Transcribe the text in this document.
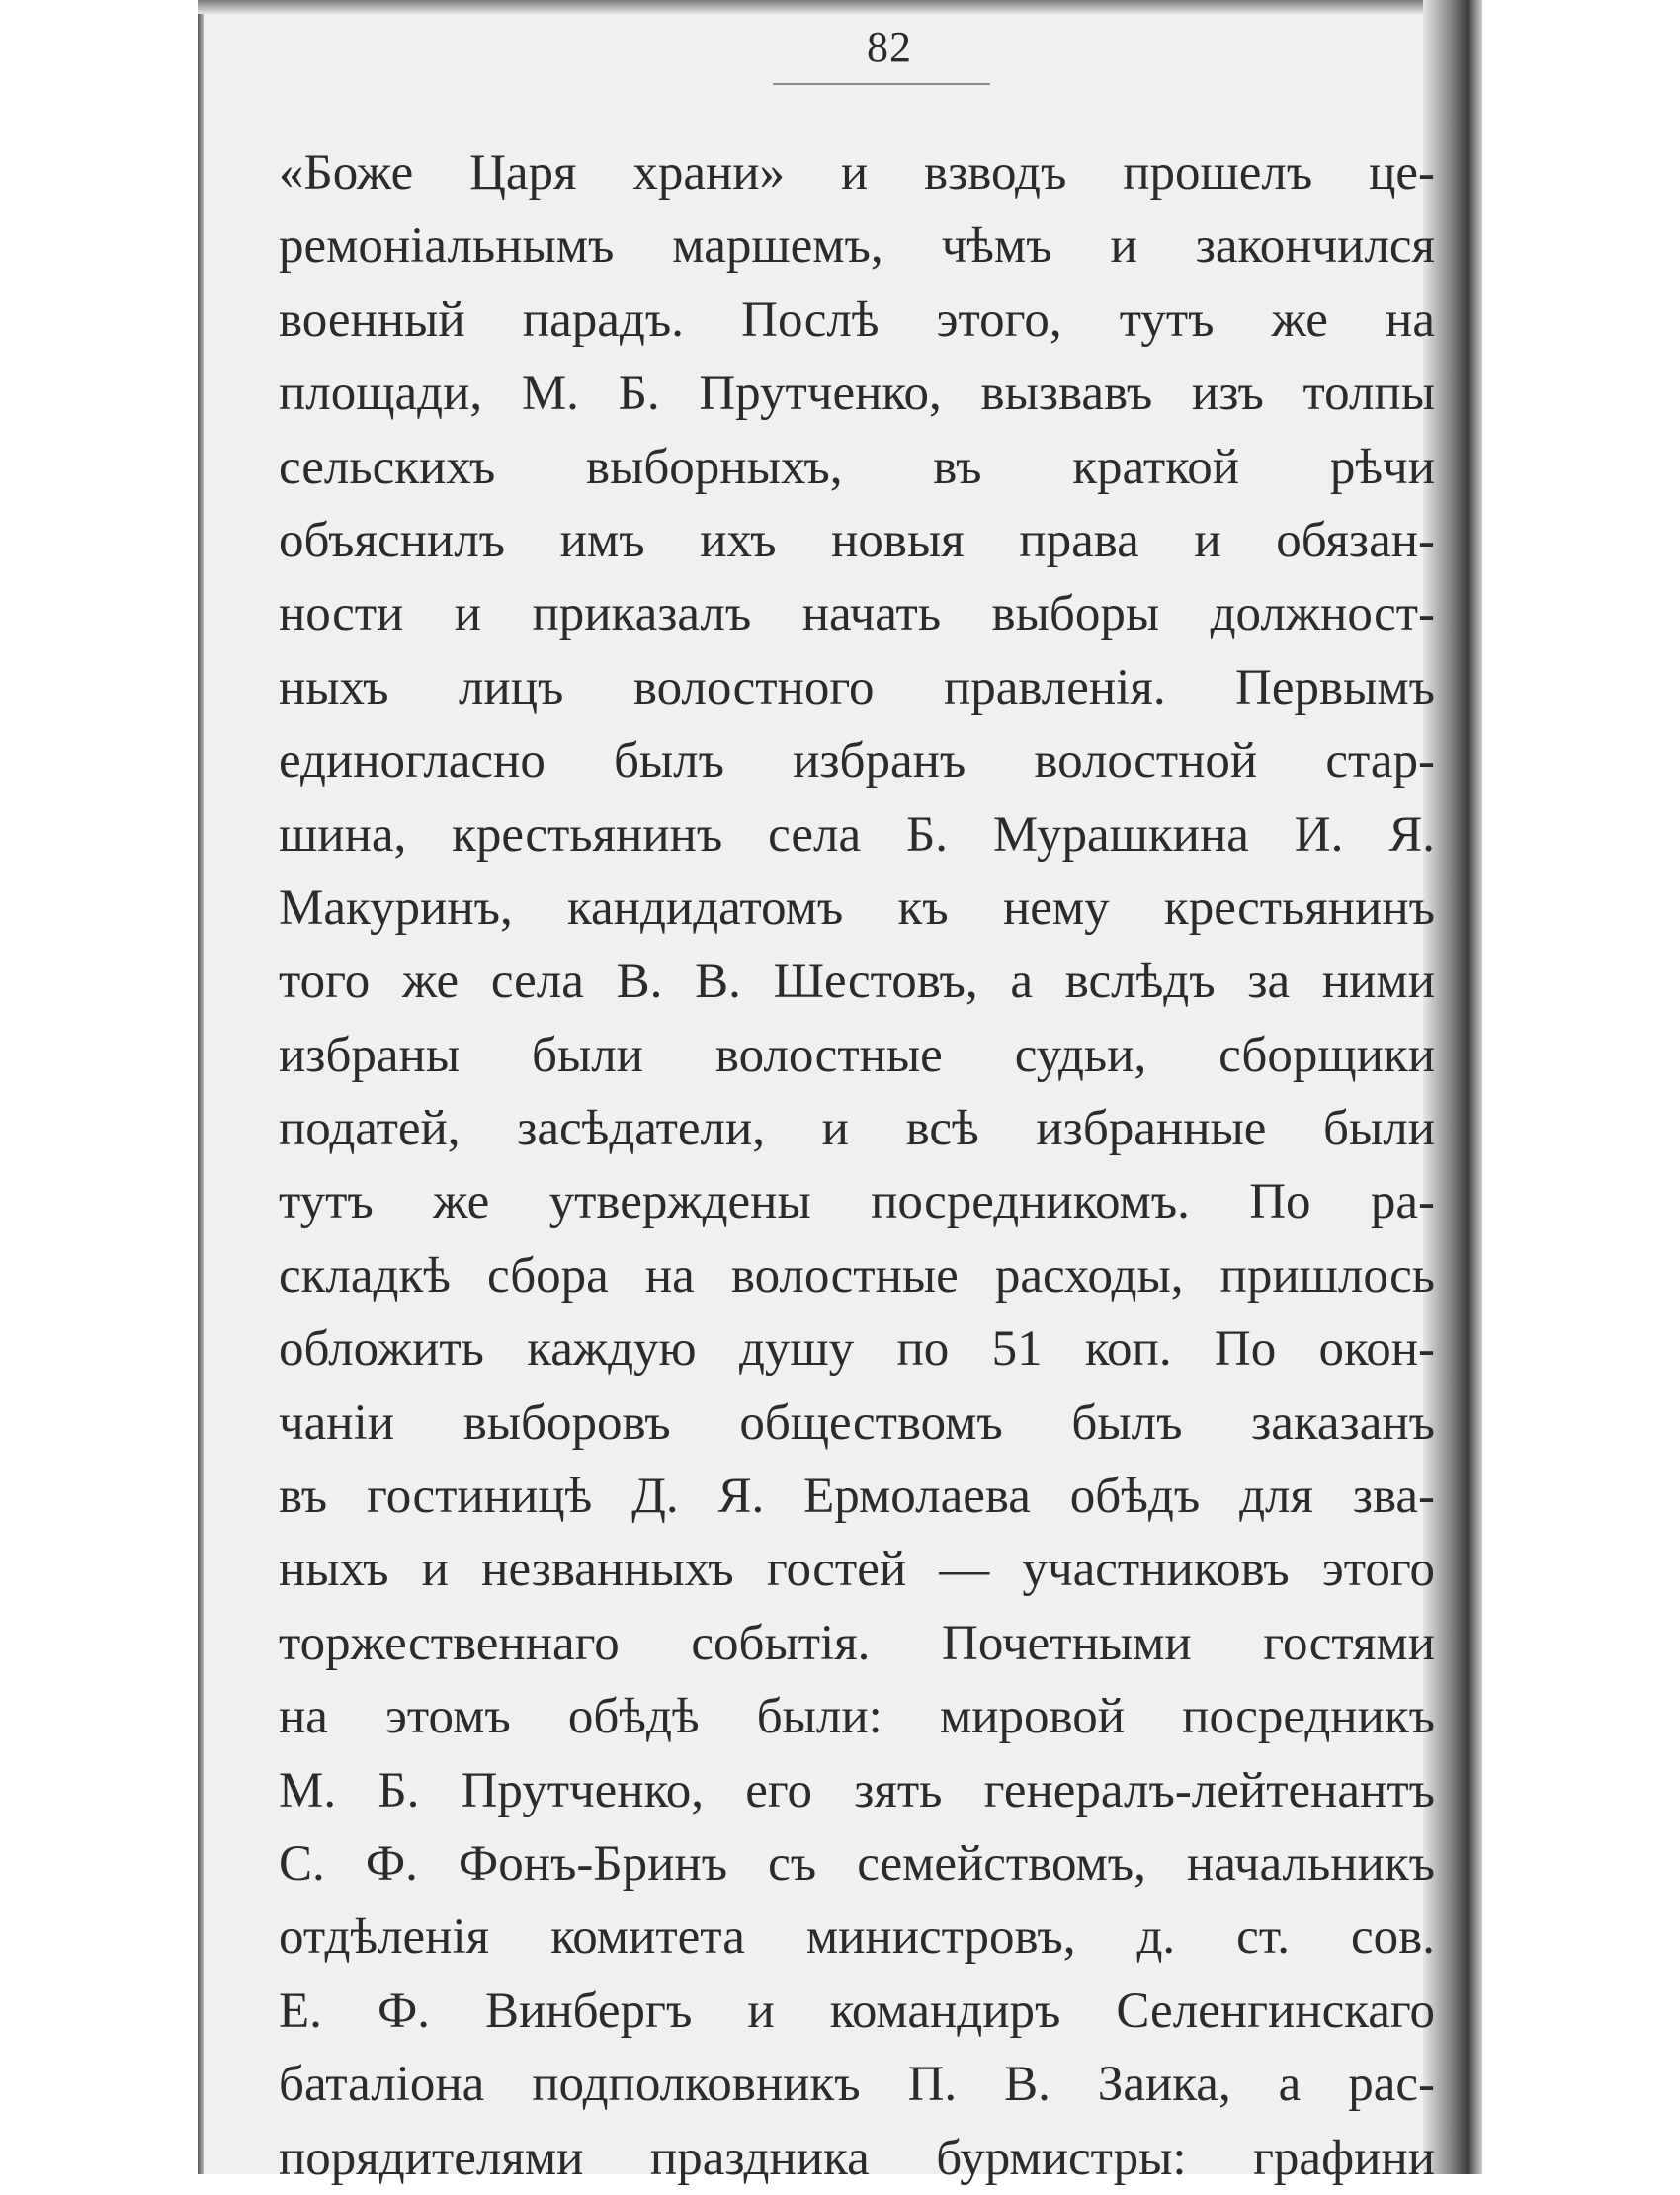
82
«Боже Царя храни» и взводъ прошелъ це-
ремоніальнымъ маршемъ, чѣмъ и закончился
военный парадъ. Послѣ этого, тутъ же на
площади, М. Б. Прутченко, вызвавъ изъ толпы
сельскихъ выборныхъ, въ краткой рѣчи
объяснилъ имъ ихъ новыя права и обязан-
ности и приказалъ начать выборы должност-
ныхъ лицъ волостного правленія. Первымъ
единогласно былъ избранъ волостной стар-
шина, крестьянинъ села Б. Мурашкина И. Я.
Макуринъ, кандидатомъ къ нему крестьянинъ
того же села В. В. Шестовъ, а вслѣдъ за ними
избраны были волостные судьи, сборщики
податей, засѣдатели, и всѣ избранные были
тутъ же утверждены посредникомъ. По ра-
складкѣ сбора на волостные расходы, пришлось
обложить каждую душу по 51 коп. По окон-
чаніи выборовъ обществомъ былъ заказанъ
въ гостиницѣ Д. Я. Ермолаева обѣдъ для зва-
ныхъ и незванныхъ гостей — участниковъ этого
торжественнаго событія. Почетными гостями
на этомъ обѣдѣ были: мировой посредникъ
М. Б. Прутченко, его зять генералъ-лейтенантъ
С. Ф. Фонъ-Бринъ съ семействомъ, начальникъ
отдѣленія комитета министровъ, д. ст. сов.
Е. Ф. Винбергъ и командиръ Селенгинскаго
баталіона подполковникъ П. В. Заика, а рас-
порядителями праздника бурмистры: графини
